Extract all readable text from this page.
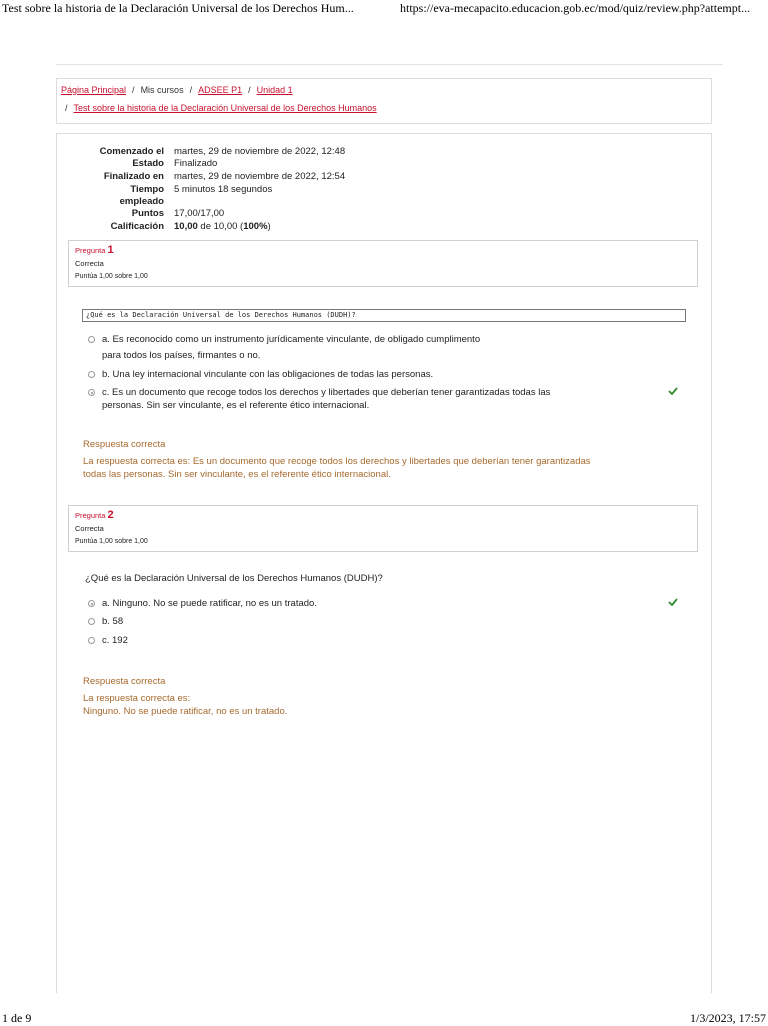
Test sobre la historia de la Declaración Universal de los Derechos Hum...	https://eva-mecapacito.educacion.gob.ec/mod/quiz/review.php?attempt...
Página Principal / Mis cursos / ADSEE P1 / Unidad 1
/ Test sobre la historia de la Declaración Universal de los Derechos Humanos
Comenzado el martes, 29 de noviembre de 2022, 12:48
Estado Finalizado
Finalizado en martes, 29 de noviembre de 2022, 12:54
Tiempo
empleado
5 minutos 18 segundos
Puntos 17,00/17,00
Calificación 10,00 de 10,00 (100%)
Pregunta 1
Correcta
Puntúa 1,00 sobre 1,00
¿Qué es la Declaración Universal de los Derechos Humanos (DUDH)?
a. Es reconocido como un instrumento jurídicamente vinculante, de obligado cumplimento
para todos los países, firmantes o no.
b. Una ley internacional vinculante con las obligaciones de todas las personas.
c. Es un documento que recoge todos los derechos y libertades que deberían tener garantizadas todas las
personas. Sin ser vinculante, es el referente ético internacional.
Respuesta correcta
La respuesta correcta es: Es un documento que recoge todos los derechos y libertades que deberían tener garantizadas
todas las personas. Sin ser vinculante, es el referente ético internacional.
Pregunta 2
Correcta
Puntúa 1,00 sobre 1,00
¿Qué es la Declaración Universal de los Derechos Humanos (DUDH)?
a. Ninguno. No se puede ratificar, no es un tratado.
b. 58
c. 192
Respuesta correcta
La respuesta correcta es:
Ninguno. No se puede ratificar, no es un tratado.
1 de 9	1/3/2023, 17:57
